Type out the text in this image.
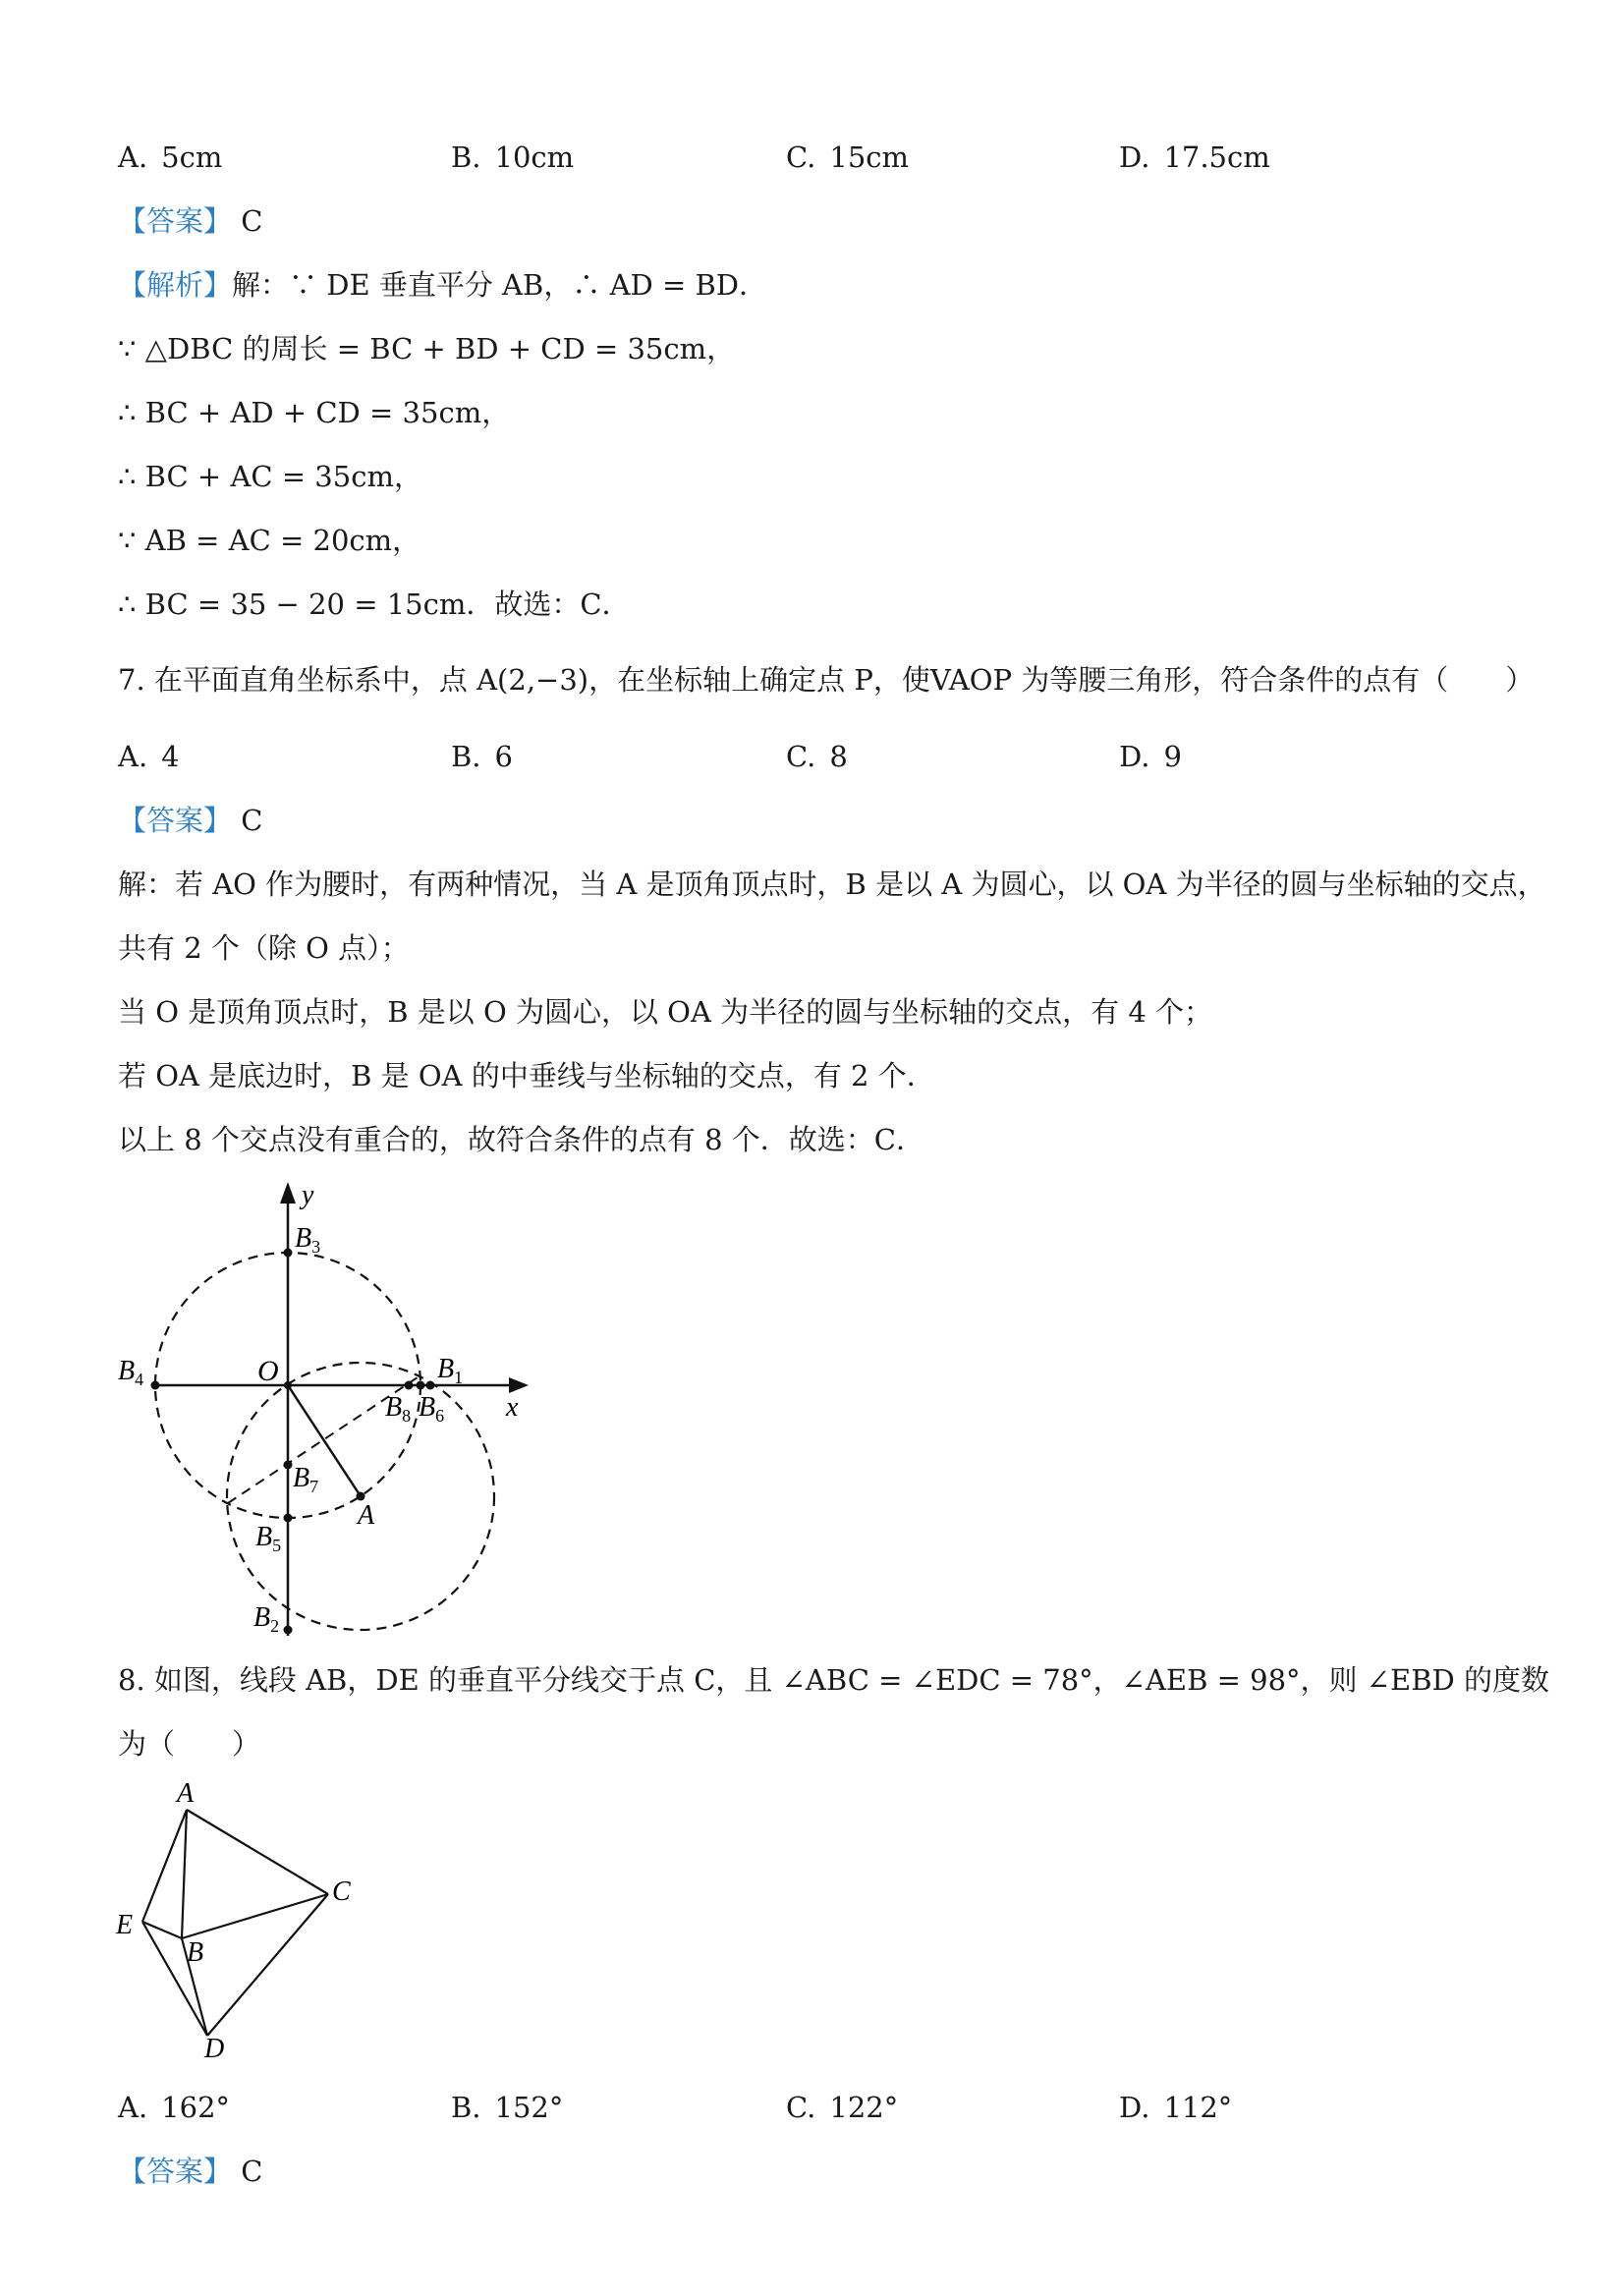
A. 5cm	B. 10cm	C. 15cm	D. 17.5cm
【答案】 C
【解析】解：∵ DE 垂直平分 AB，∴ AD = BD．
∵ △DBC 的周长 = BC + BD + CD = 35cm，
∴ BC + AD + CD = 35cm，
∴ BC + AC = 35cm，
∵ AB = AC = 20cm，
∴ BC = 35 − 20 = 15cm．故选：C．
7. 在平面直角坐标系中，点 A(2,−3)，在坐标轴上确定点 P，使VAOP 为等腰三角形，符合条件的点有（　　）
A. 4	B. 6	C. 8	D. 9
【答案】 C
解：若 AO 作为腰时，有两种情况，当 A 是顶角顶点时，B 是以 A 为圆心，以 OA 为半径的圆与坐标轴的交点，
共有 2 个（除 O 点）；
当 O 是顶角顶点时，B 是以 O 为圆心，以 OA 为半径的圆与坐标轴的交点，有 4 个；
若 OA 是底边时，B 是 OA 的中垂线与坐标轴的交点，有 2 个．
以上 8 个交点没有重合的，故符合条件的点有 8 个．故选：C．
y
x
O
A
$B_3$
$B_4$	$B_1$
$B_8$ $B_6$
$B_7$
$B_5$
$B_2$
8. 如图，线段 AB，DE 的垂直平分线交于点 C，且 ∠ABC = ∠EDC = 78°，∠AEB = 98°，则 ∠EBD 的度数
为（　　）
A
C
E
B
D
A. 162°	B. 152°	C. 122°	D. 112°
【答案】 C
